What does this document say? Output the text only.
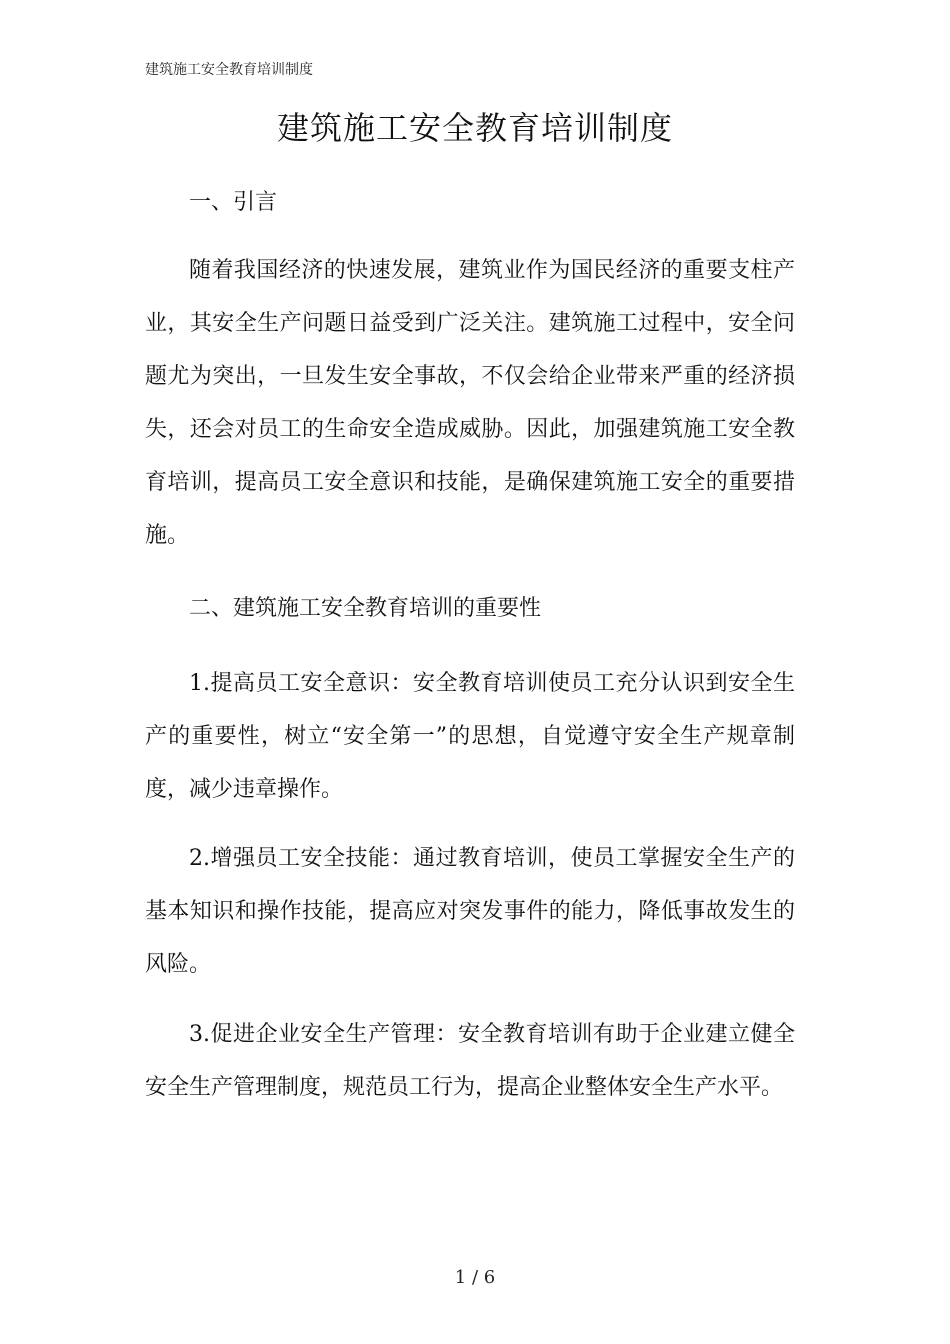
建筑施工安全教育培训制度
建筑施工安全教育培训制度

一、引言

随着我国经济的快速发展，建筑业作为国民经济的重要支柱产业，其安全生产问题日益受到广泛关注。建筑施工过程中，安全问题尤为突出，一旦发生安全事故，不仅会给企业带来严重的经济损失，还会对员工的生命安全造成威胁。因此，加强建筑施工安全教育培训，提高员工安全意识和技能，是确保建筑施工安全的重要措施。

二、建筑施工安全教育培训的重要性

1.提高员工安全意识：安全教育培训使员工充分认识到安全生产的重要性，树立“安全第一”的思想，自觉遵守安全生产规章制度，减少违章操作。

2.增强员工安全技能：通过教育培训，使员工掌握安全生产的基本知识和操作技能，提高应对突发事件的能力，降低事故发生的风险。

3.促进企业安全生产管理：安全教育培训有助于企业建立健全安全生产管理制度，规范员工行为，提高企业整体安全生产水平。

1 / 6
